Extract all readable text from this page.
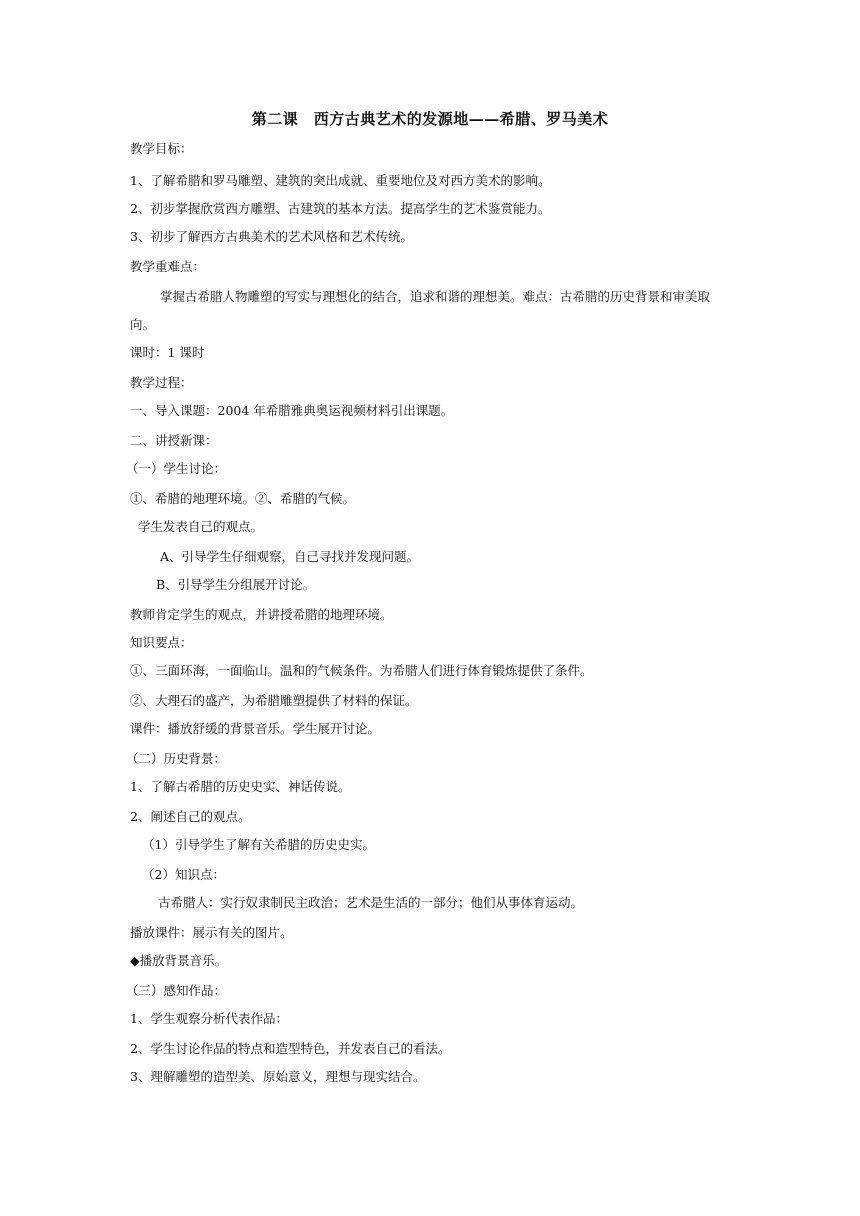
第二课　西方古典艺术的发源地——希腊、罗马美术
教学目标：
1、了解希腊和罗马雕塑、建筑的突出成就、重要地位及对西方美术的影响。
2、初步掌握欣赏西方雕塑、古建筑的基本方法。提高学生的艺术鉴赏能力。
3、初步了解西方古典美术的艺术风格和艺术传统。
教学重难点：
掌握古希腊人物雕塑的写实与理想化的结合，追求和谐的理想美。难点：古希腊的历史背景和审美取
向。
课时：1 课时
教学过程：
一、导入课题：2004 年希腊雅典奥运视频材料引出课题。
二、讲授新课：
（一）学生讨论：
①、希腊的地理环境。②、希腊的气候。
学生发表自己的观点。
A、引导学生仔细观察，自己寻找并发现问题。
B、引导学生分组展开讨论。
教师肯定学生的观点，并讲授希腊的地理环境。
知识要点：
①、三面环海，一面临山。温和的气候条件。为希腊人们进行体育锻炼提供了条件。
②、大理石的盛产，为希腊雕塑提供了材料的保证。
课件：播放舒缓的背景音乐。学生展开讨论。
（二）历史背景：
1、了解古希腊的历史史实、神话传说。
2、阐述自己的观点。
（1）引导学生了解有关希腊的历史史实。
（2）知识点：
古希腊人：实行奴隶制民主政治；艺术是生活的一部分；他们从事体育运动。
播放课件：展示有关的图片。
◆播放背景音乐。
（三）感知作品：
1、学生观察分析代表作品：
2、学生讨论作品的特点和造型特色，并发表自己的看法。
3、理解雕塑的造型美、原始意义，理想与现实结合。
